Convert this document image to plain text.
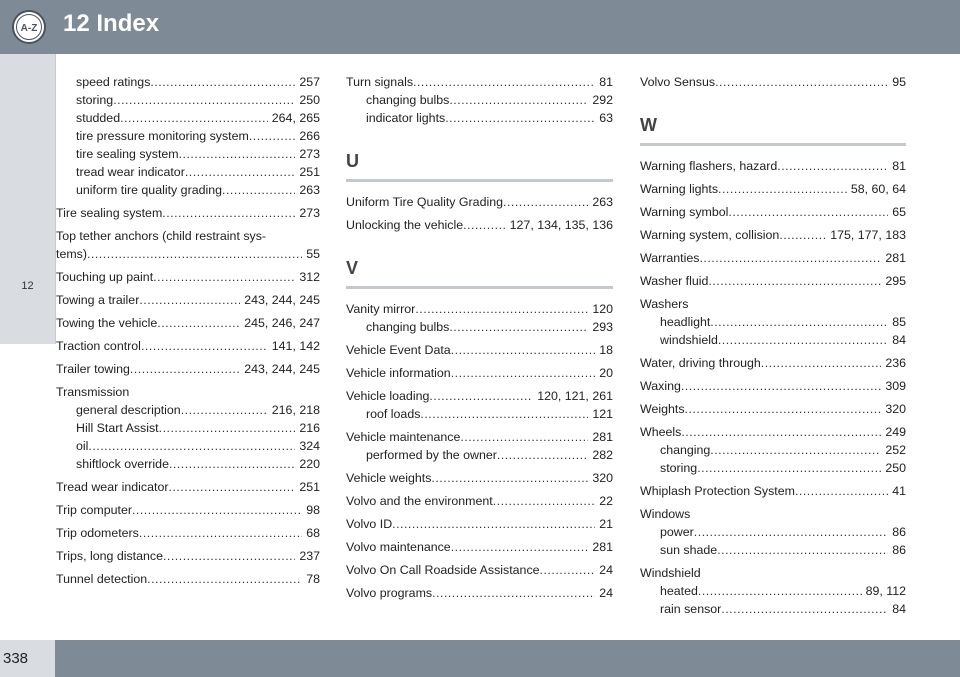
A-Z 12 Index
12
speed ratings .....	257
storing .....	250
studded .....	264, 265
tire pressure monitoring system .....	266
tire sealing system .....	273
tread wear indicator .....	251
uniform tire quality grading .....	263
Tire sealing system .....	273
Top tether anchors (child restraint sys-
tems) .....	55
Touching up paint .....	312
Towing a trailer .....	243, 244, 245
Towing the vehicle .....	245, 246, 247
Traction control .....	141, 142
Trailer towing .....	243, 244, 245
Transmission
general description .....	216, 218
Hill Start Assist .....	216
oil .....	324
shiftlock override .....	220
Tread wear indicator .....	251
Trip computer .....	98
Trip odometers .....	68
Trips, long distance .....	237
Tunnel detection .....	78
Turn signals .....	81
changing bulbs .....	292
indicator lights .....	63
U
Uniform Tire Quality Grading .....	263
Unlocking the vehicle .....	127, 134, 135, 136
V
Vanity mirror .....	120
changing bulbs .....	293
Vehicle Event Data .....	18
Vehicle information .....	20
Vehicle loading .....	120, 121, 261
roof loads .....	121
Vehicle maintenance .....	281
performed by the owner .....	282
Vehicle weights .....	320
Volvo and the environment .....	22
Volvo ID .....	21
Volvo maintenance .....	281
Volvo On Call Roadside Assistance .....	24
Volvo programs .....	24
Volvo Sensus .....	95
W
Warning flashers, hazard .....	81
Warning lights .....	58, 60, 64
Warning symbol .....	65
Warning system, collision .....	175, 177, 183
Warranties .....	281
Washer fluid .....	295
Washers
headlight .....	85
windshield .....	84
Water, driving through .....	236
Waxing .....	309
Weights .....	320
Wheels .....	249
changing .....	252
storing .....	250
Whiplash Protection System .....	41
Windows
power .....	86
sun shade .....	86
Windshield
heated .....	89, 112
rain sensor .....	84
338
